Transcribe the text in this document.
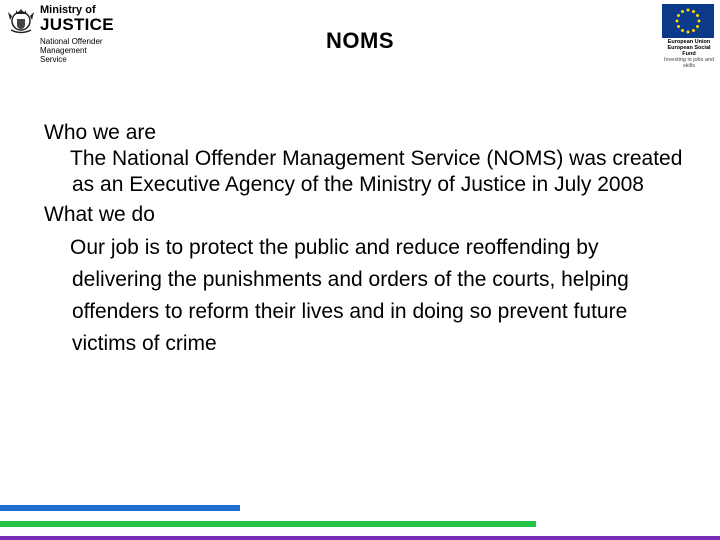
Ministry of
JUSTICE
National Offender
Management Service
NOMS	European Union
European Social Fund
Investing in jobs and skills
Who we are
The National Offender Management Service (NOMS) was created as an Executive Agency of the Ministry of Justice in July 2008
What we do
Our job is to protect the public and reduce reoffending by delivering the punishments and orders of the courts, helping offenders to reform their lives and in doing so prevent future victims of crime
